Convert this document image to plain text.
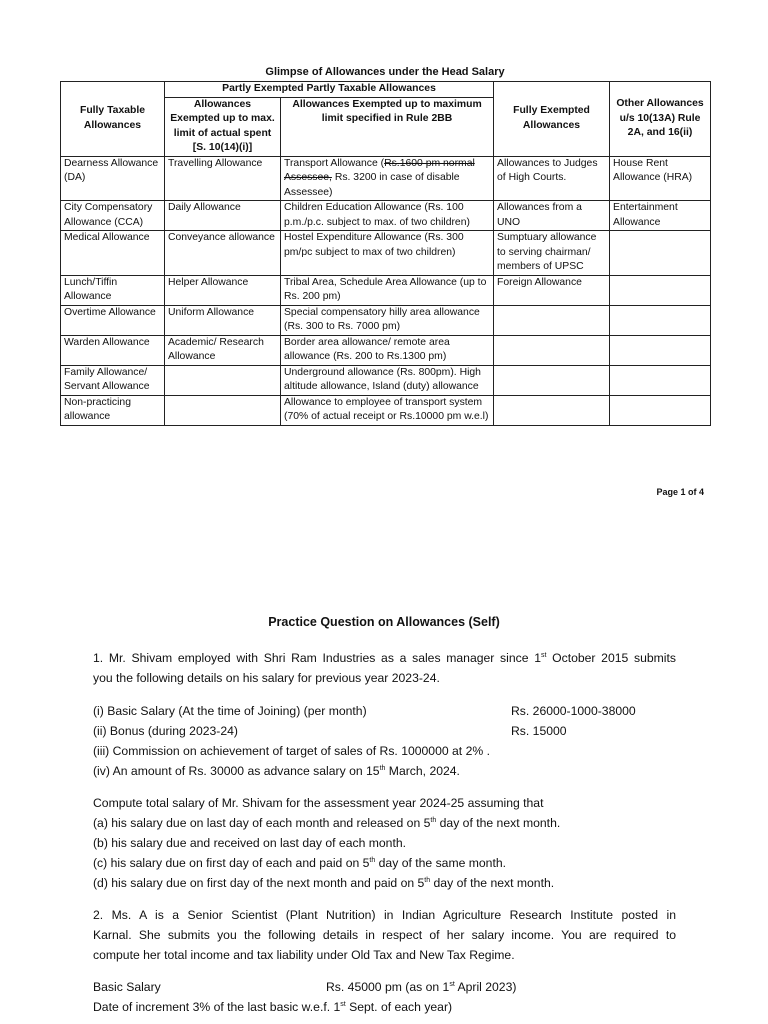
Glimpse of Allowances under the Head Salary
Fully Taxable Allowances	Partly Exempted Partly Taxable Allowances		Fully Exempted Allowances	Other Allowances u/s 10(13A) Rule 2A, and 16(ii)
	Allowances Exempted up to max. limit of actual spent [S. 10(14)(i)]	Allowances Exempted up to maximum limit specified in Rule 2BB		
Dearness Allowance (DA)	Travelling Allowance	Transport Allowance (Rs.1600 pm normal Assessee, Rs. 3200 in case of disable Assessee)	Allowances to Judges of High Courts.	House Rent Allowance (HRA)
City Compensatory Allowance (CCA)	Daily Allowance	Children Education Allowance (Rs. 100 p.m./p.c. subject to max. of two children)	Allowances from a UNO	Entertainment Allowance
Medical Allowance	Conveyance allowance	Hostel Expenditure Allowance (Rs. 300 pm/pc subject to max of two children)	Sumptuary allowance to serving chairman/ members of UPSC	
Lunch/Tiffin Allowance	Helper Allowance	Tribal Area, Schedule Area Allowance (up to Rs. 200 pm)	Foreign Allowance	
Overtime Allowance	Uniform Allowance	Special compensatory hilly area allowance (Rs. 300 to Rs. 7000 pm)		
Warden Allowance	Academic/ Research Allowance	Border area allowance/ remote area allowance (Rs. 200 to Rs.1300 pm)		
Family Allowance/ Servant Allowance		Underground allowance (Rs. 800pm). High altitude allowance, Island (duty) allowance		
Non-practicing allowance		Allowance to employee of transport system (70% of actual receipt or Rs.10000 pm w.e.l)		
Page 1 of 4
Practice Question on Allowances (Self)
1. Mr. Shivam employed with Shri Ram Industries as a sales manager since 1st October 2015 submits
you the following details on his salary for previous year 2023-24.
(i) Basic Salary (At the time of Joining) (per month)	Rs. 26000-1000-38000
(ii) Bonus (during 2023-24)	Rs. 15000
(iii) Commission on achievement of target of sales of Rs. 1000000 at 2% .
(iv) An amount of Rs. 30000 as advance salary on 15th March, 2024.
Compute total salary of Mr. Shivam for the assessment year 2024-25 assuming that
(a) his salary due on last day of each month and released on 5th day of the next month.
(b) his salary due and received on last day of each month.
(c) his salary due on first day of each and paid on 5th day of the same month.
(d) his salary due on first day of the next month and paid on 5th day of the next month.
2. Ms. A is a Senior Scientist (Plant Nutrition) in Indian Agriculture Research Institute posted in
Karnal. She submits you the following details in respect of her salary income. You are required to
compute her total income and tax liability under Old Tax and New Tax Regime.
Basic Salary	Rs. 45000 pm (as on 1st April 2023)
Date of increment 3% of the last basic w.e.f. 1st Sept. of each year)
